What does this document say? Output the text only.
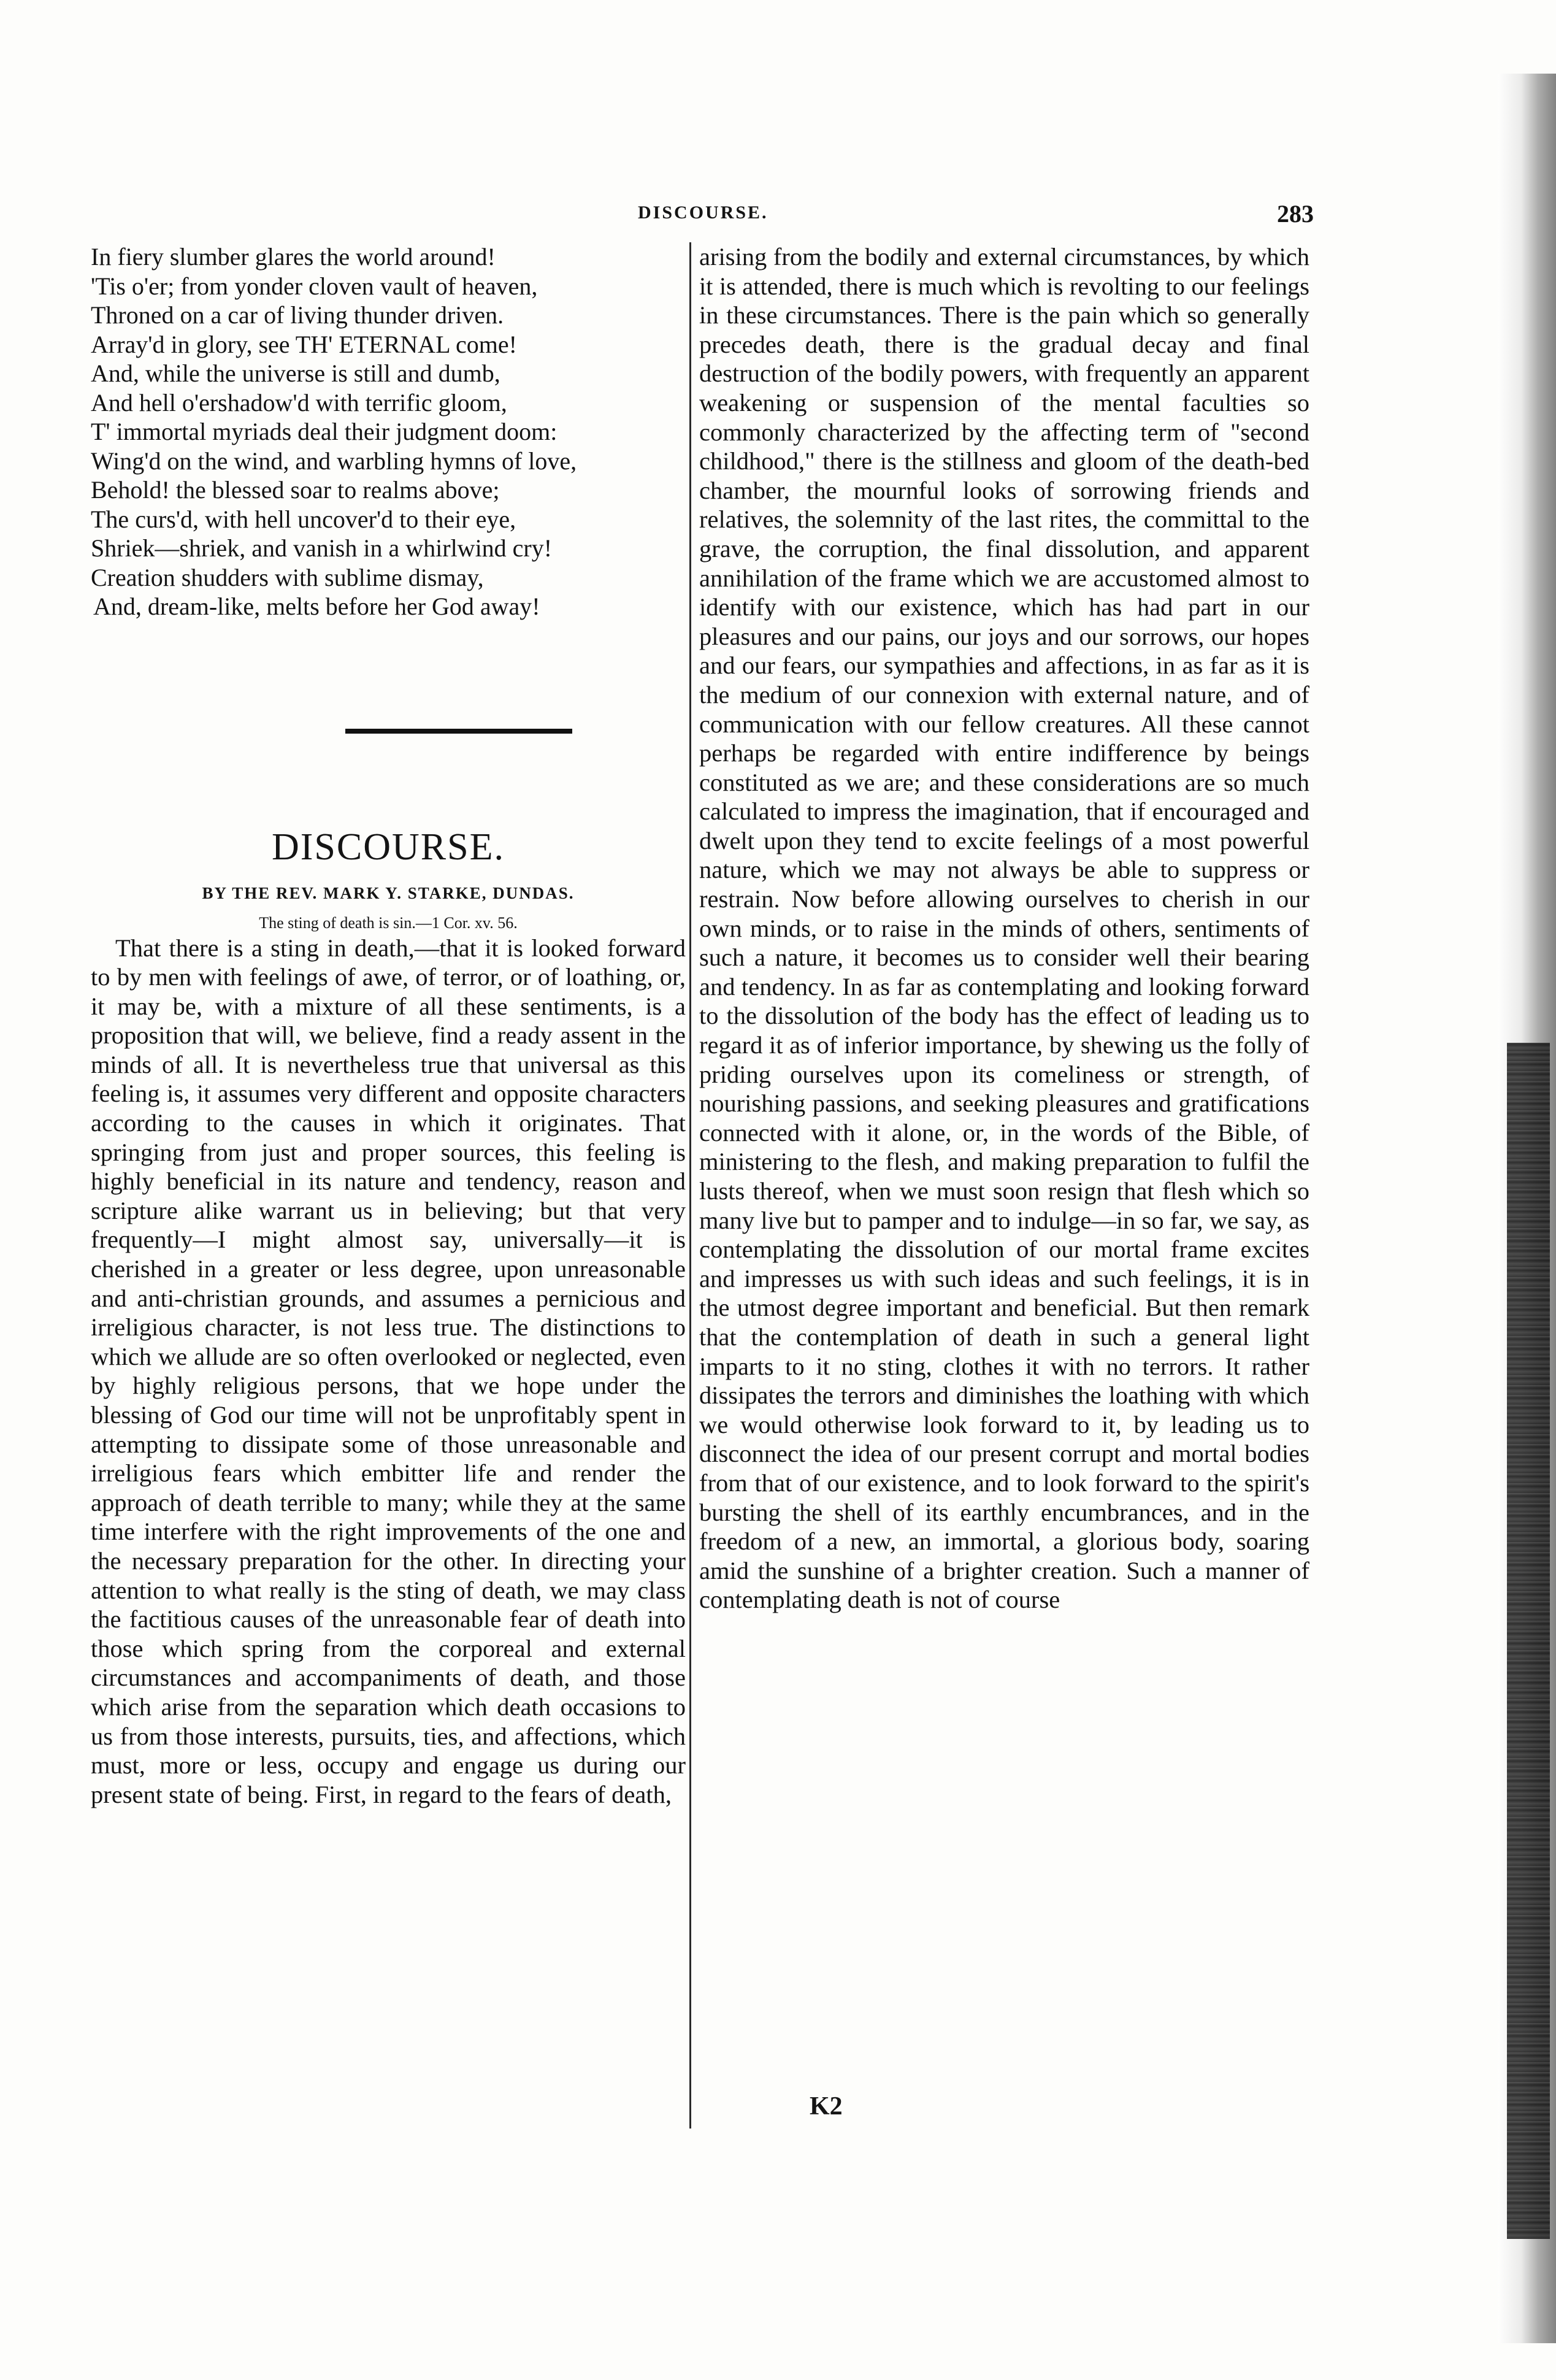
DISCOURSE.	283
In fiery slumber glares the world around!
'Tis o'er; from yonder cloven vault of heaven,
Throned on a car of living thunder driven.
Array'd in glory, see TH' ETERNAL come!
And, while the universe is still and dumb,
And hell o'ershadow'd with terrific gloom,
T' immortal myriads deal their judgment doom:
Wing'd on the wind, and warbling hymns of love,
Behold! the blessed soar to realms above;
The curs'd, with hell uncover'd to their eye,
Shriek—shriek, and vanish in a whirlwind cry!
Creation shudders with sublime dismay,
And, dream-like, melts before her God away!
DISCOURSE.
BY THE REV. MARK Y. STARKE, DUNDAS.
The sting of death is sin.—1 Cor. xv. 56.

That there is a sting in death,—that it is looked forward to by men with feelings of awe, of terror, or of loathing, or, it may be, with a mixture of all these sentiments, is a proposition that will, we believe, find a ready assent in the minds of all. It is nevertheless true that universal as this feeling is, it assumes very different and opposite characters according to the causes in which it originates. That springing from just and proper sources, this feeling is highly beneficial in its nature and tendency, reason and scripture alike warrant us in believing; but that very frequently—I might almost say, universally—it is cherished in a greater or less degree, upon unreasonable and anti-christian grounds, and assumes a pernicious and irreligious character, is not less true. The distinctions to which we allude are so often overlooked or neglected, even by highly religious persons, that we hope under the blessing of God our time will not be unprofitably spent in attempting to dissipate some of those unreasonable and irreligious fears which embitter life and render the approach of death terrible to many; while they at the same time interfere with the right improvements of the one and the necessary preparation for the other. In directing your attention to what really is the sting of death, we may class the factitious causes of the unreasonable fear of death into those which spring from the corporeal and external circumstances and accompaniments of death, and those which arise from the separation which death occasions to us from those interests, pursuits, ties, and affections, which must, more or less, occupy and engage us during our present state of being. First, in regard to the fears of death,

arising from the bodily and external circumstances, by which it is attended, there is much which is revolting to our feelings in these circumstances. There is the pain which so generally precedes death, there is the gradual decay and final destruction of the bodily powers, with frequently an apparent weakening or suspension of the mental faculties so commonly characterized by the affecting term of "second childhood," there is the stillness and gloom of the death-bed chamber, the mournful looks of sorrowing friends and relatives, the solemnity of the last rites, the committal to the grave, the corruption, the final dissolution, and apparent annihilation of the frame which we are accustomed almost to identify with our existence, which has had part in our pleasures and our pains, our joys and our sorrows, our hopes and our fears, our sympathies and affections, in as far as it is the medium of our connexion with external nature, and of communication with our fellow creatures. All these cannot perhaps be regarded with entire indifference by beings constituted as we are; and these considerations are so much calculated to impress the imagination, that if encouraged and dwelt upon they tend to excite feelings of a most powerful nature, which we may not always be able to suppress or restrain. Now before allowing ourselves to cherish in our own minds, or to raise in the minds of others, sentiments of such a nature, it becomes us to consider well their bearing and tendency. In as far as contemplating and looking forward to the dissolution of the body has the effect of leading us to regard it as of inferior importance, by shewing us the folly of priding ourselves upon its comeliness or strength, of nourishing passions, and seeking pleasures and gratifications connected with it alone, or, in the words of the Bible, of ministering to the flesh, and making preparation to fulfil the lusts thereof, when we must soon resign that flesh which so many live but to pamper and to indulge—in so far, we say, as contemplating the dissolution of our mortal frame excites and impresses us with such ideas and such feelings, it is in the utmost degree important and beneficial. But then remark that the contemplation of death in such a general light imparts to it no sting, clothes it with no terrors. It rather dissipates the terrors and diminishes the loathing with which we would otherwise look forward to it, by leading us to disconnect the idea of our present corrupt and mortal bodies from that of our existence, and to look forward to the spirit's bursting the shell of its earthly encumbrances, and in the freedom of a new, an immortal, a glorious body, soaring amid the sunshine of a brighter creation. Such a manner of contemplating death is not of course

K2
